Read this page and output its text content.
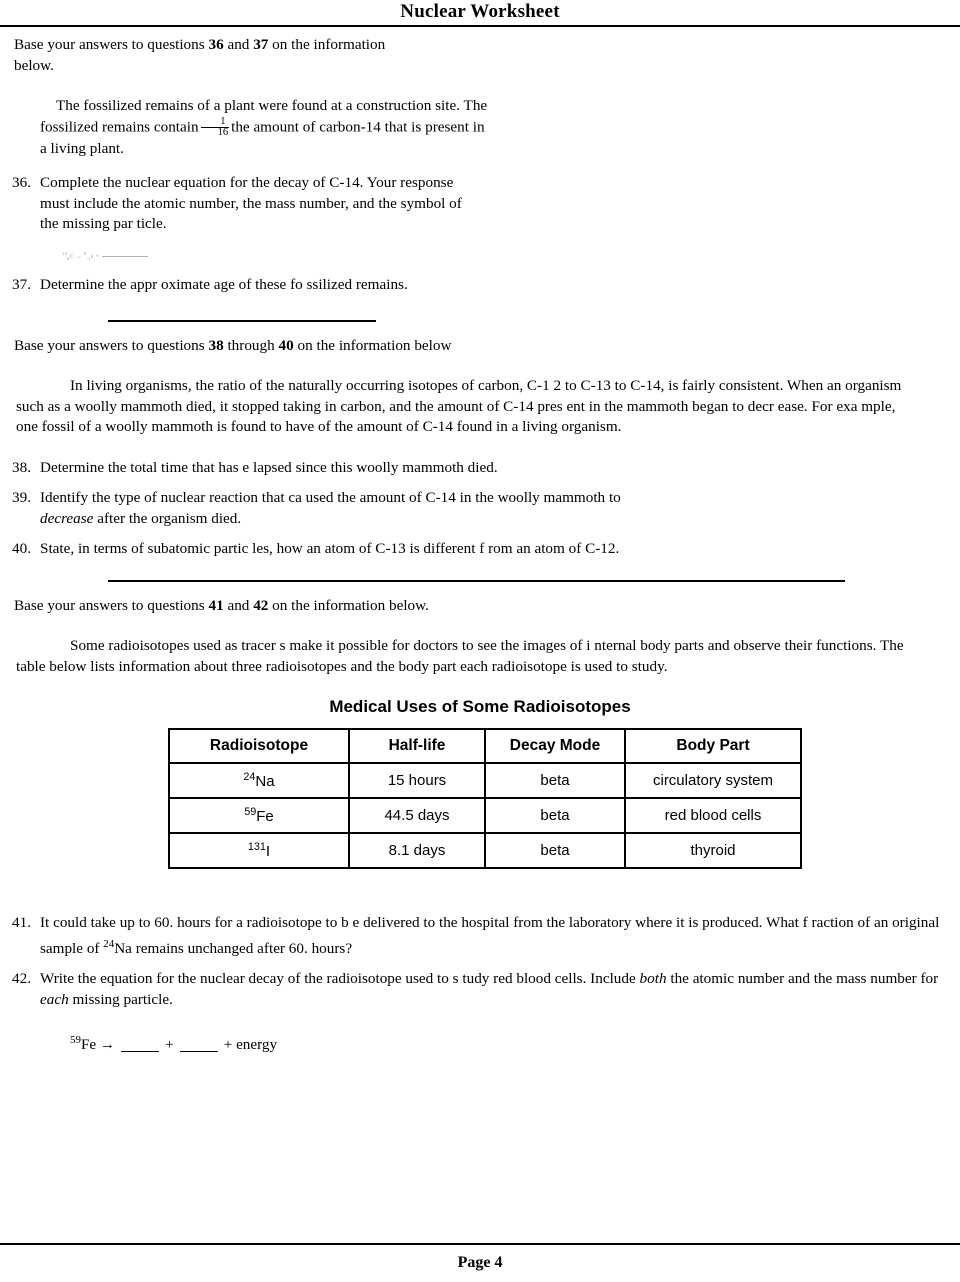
Nuclear Worksheet
Base your answers to questions 36 and 37 on the information
below.
The fossilized remains of a plant were found at a construction site. The fossilized remains contain $\frac{1}{16}$ the amount of carbon-14 that is present in a living plant.
36. Complete the nuclear equation for the decay of C-14. Your response must include the atomic number, the mass number, and the symbol of the missing par ticle.
$^{14}_6$C → $^0_{-1}$e +
37. Determine the appr oximate age of these fo ssilized remains.
Base your answers to questions 38 through 40 on the information below
In living organisms, the ratio of the naturally occurring isotopes of carbon, C-1 2 to C-13 to C-14, is fairly consistent. When an organism such as a woolly mammoth died, it stopped taking in carbon, and the amount of C-14 pres ent in the mammoth began to decr ease. For exa mple, one fossil of a woolly mammoth is found to have of the amount of C-14 found in a living organism.
38. Determine the total time that has e lapsed since this woolly mammoth died.
39. Identify the type of nuclear reaction that ca used the amount of C-14 in the woolly mammoth to decrease after the organism died.
40. State, in terms of subatomic partic les, how an atom of C-13 is different f rom an atom of C-12.
Base your answers to questions 41 and 42 on the information below.
Some radioisotopes used as tracer s make it possible for doctors to see the images of i nternal body parts and observe their functions. The table below lists information about three radioisotopes and the body part each radioisotope is used to study.
Medical Uses of Some Radioisotopes
Radioisotope	Half-life	Decay Mode	Body Part
$^{24}$Na	15 hours	beta	circulatory system
$^{59}$Fe	44.5 days	beta	red blood cells
$^{131}$I	8.1 days	beta	thyroid
41. It could take up to 60. hours for a radioisotope to b e delivered to the hospital from the laboratory where it is produced. What f raction of an original sample of $^{24}$Na remains unchanged after 60. hours?
42. Write the equation for the nuclear decay of the radioisotope used to s tudy red blood cells. Include both the atomic number and the mass number for each missing particle.
$^{59}$Fe →	+	+ energy
Page 4
